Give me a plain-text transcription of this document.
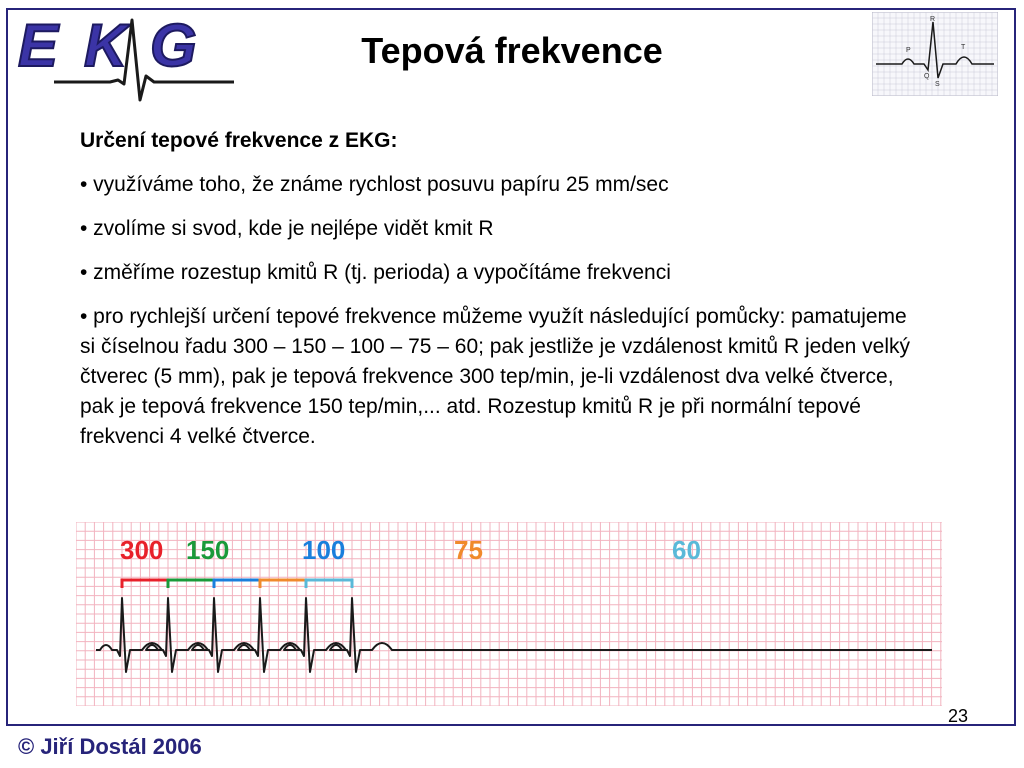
E K G	Tepová frekvence
R
P	T
Q
S

Určení tepové frekvence z EKG:

• využíváme toho, že známe rychlost posuvu papíru 25 mm/sec

• zvolíme si svod, kde je nejlépe vidět kmit R

• změříme rozestup kmitů R (tj. perioda) a vypočítáme frekvenci

• pro rychlejší určení tepové frekvence můžeme využít následující pomůcky: pamatujeme si číselnou řadu 300 – 150 – 100 – 75 – 60; pak jestliže je vzdálenost kmitů R jeden velký čtverec (5 mm), pak je tepová frekvence 300 tep/min, je-li vzdálenost dva velké čtverce, pak je tepová frekvence 150 tep/min,... atd. Rozestup kmitů R je při normální tepové frekvenci 4 velké čtverce.

300 150	100	75	60
23
© Jiří Dostál 2006
